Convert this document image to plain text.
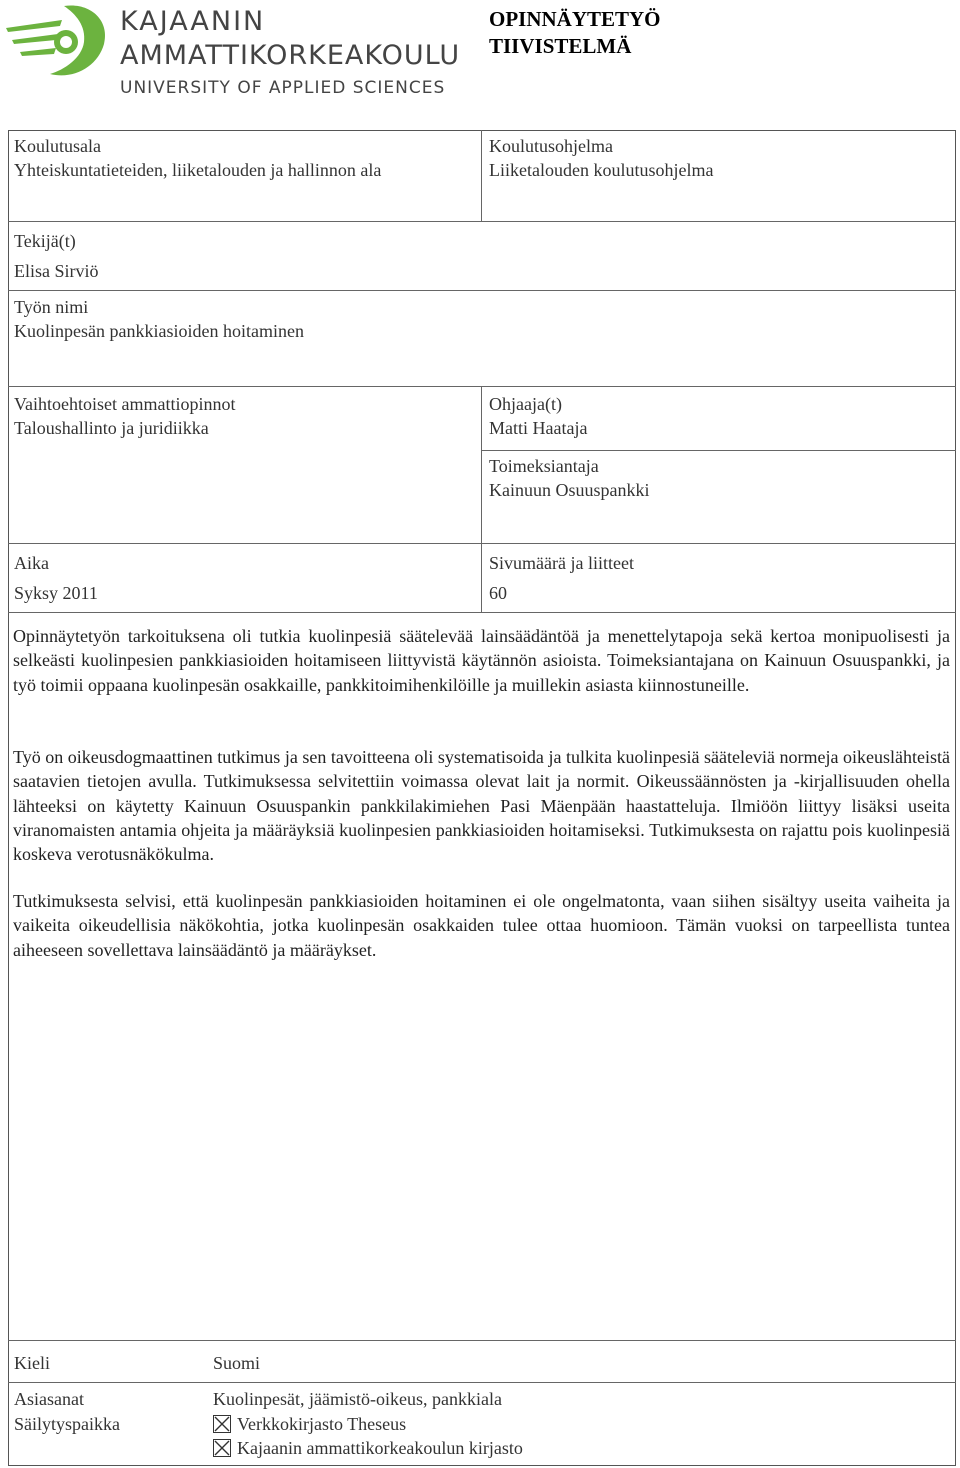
KAJAANIN
AMMATTIKORKEAKOULU
UNIVERSITY OF APPLIED SCIENCES
OPINNÄYTETYÖ
TIIVISTELMÄ
Koulutusala
Yhteiskuntatieteiden, liiketalouden ja hallinnon ala
Koulutusohjelma
Liiketalouden koulutusohjelma
Tekijä(t)
Elisa Sirviö
Työn nimi
Kuolinpesän pankkiasioiden hoitaminen
Vaihtoehtoiset ammattiopinnot
Taloushallinto ja juridiikka
Ohjaaja(t)
Matti Haataja
Toimeksiantaja
Kainuun Osuuspankki
Aika
Syksy 2011
Sivumäärä ja liitteet
60
Opinnäytetyön tarkoituksena oli tutkia kuolinpesiä säätelevää lainsäädäntöä ja menettelytapoja sekä kertoa monipuolisesti ja selkeästi kuolinpesien pankkiasioiden hoitamiseen liittyvistä käytännön asioista. Toimeksiantajana on Kainuun Osuuspankki, ja työ toimii oppaana kuolinpesän osakkaille, pankkitoimihenkilöille ja muillekin asiasta kiinnostuneille.
Työ on oikeusdogmaattinen tutkimus ja sen tavoitteena oli systematisoida ja tulkita kuolinpesiä sääteleviä normeja oikeuslähteistä saatavien tietojen avulla. Tutkimuksessa selvitettiin voimassa olevat lait ja normit. Oikeussäännösten ja -kirjallisuuden ohella lähteeksi on käytetty Kainuun Osuuspankin pankkilakimiehen Pasi Mäenpään haastatteluja. Ilmiöön liittyy lisäksi useita viranomaisten antamia ohjeita ja määräyksiä kuolinpesien pankkiasioiden hoitamiseksi. Tutkimuksesta on rajattu pois kuolinpesiä koskeva verotusnäkökulma.
Tutkimuksesta selvisi, että kuolinpesän pankkiasioiden hoitaminen ei ole ongelmatonta, vaan siihen sisältyy useita vaiheita ja vaikeita oikeudellisia näkökohtia, jotka kuolinpesän osakkaiden tulee ottaa huomioon. Tämän vuoksi on tarpeellista tuntea aiheeseen sovellettava lainsäädäntö ja määräykset.
Kieli	Suomi
Asiasanat	Kuolinpesät, jäämistö-oikeus, pankkiala
Säilytyspaikka	Verkkokirjasto Theseus
Kajaanin ammattikorkeakoulun kirjasto
